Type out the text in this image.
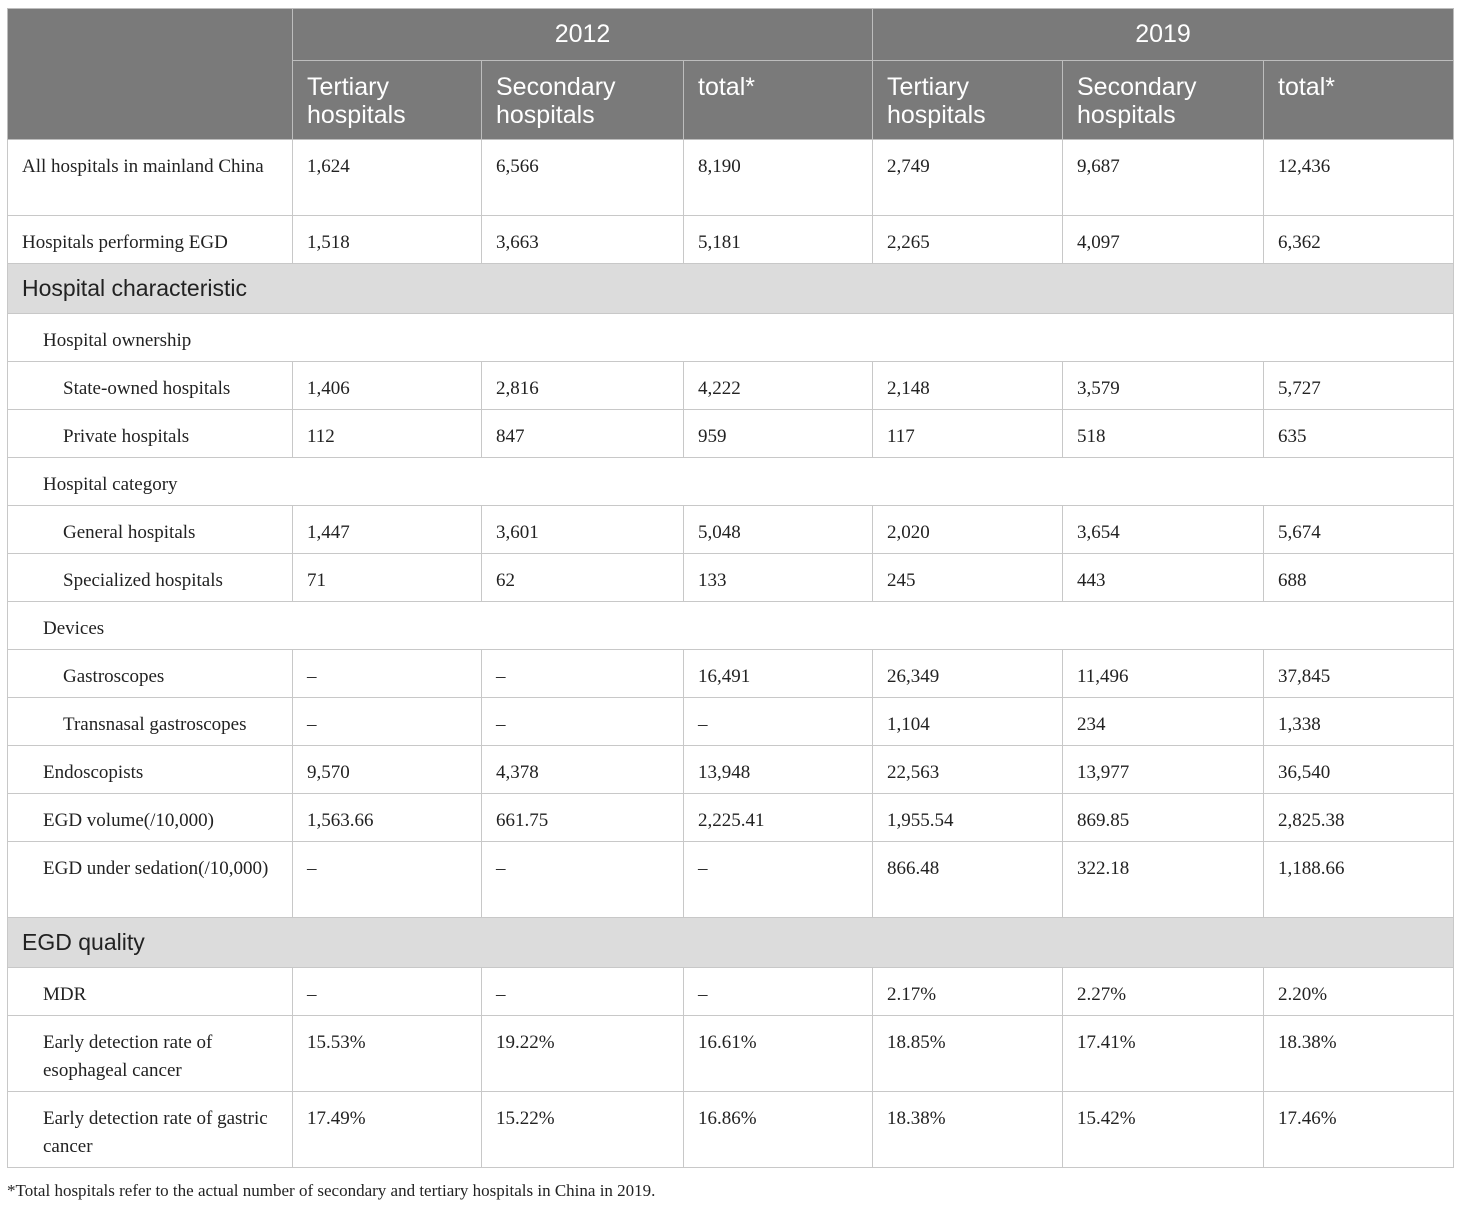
	2012			2019		
	Tertiary hospitals	Secondary hospitals	total*	Tertiary hospitals	Secondary hospitals	total*
All hospitals in mainland China	1,624	6,566	8,190	2,749	9,687	12,436
Hospitals performing EGD	1,518	3,663	5,181	2,265	4,097	6,362
Hospital characteristic						
Hospital ownership						
State-owned hospitals	1,406	2,816	4,222	2,148	3,579	5,727
Private hospitals	112	847	959	117	518	635
Hospital category						
General hospitals	1,447	3,601	5,048	2,020	3,654	5,674
Specialized hospitals	71	62	133	245	443	688
Devices						
Gastroscopes	–	–	16,491	26,349	11,496	37,845
Transnasal gastroscopes	–	–	–	1,104	234	1,338
Endoscopists	9,570	4,378	13,948	22,563	13,977	36,540
EGD volume(/10,000)	1,563.66	661.75	2,225.41	1,955.54	869.85	2,825.38
EGD under sedation(/10,000)	–	–	–	866.48	322.18	1,188.66
EGD quality						
MDR	–	–	–	2.17%	2.27%	2.20%
Early detection rate of esophageal cancer	15.53%	19.22%	16.61%	18.85%	17.41%	18.38%
Early detection rate of gastric cancer	17.49%	15.22%	16.86%	18.38%	15.42%	17.46%
*Total hospitals refer to the actual number of secondary and tertiary hospitals in China in 2019.
